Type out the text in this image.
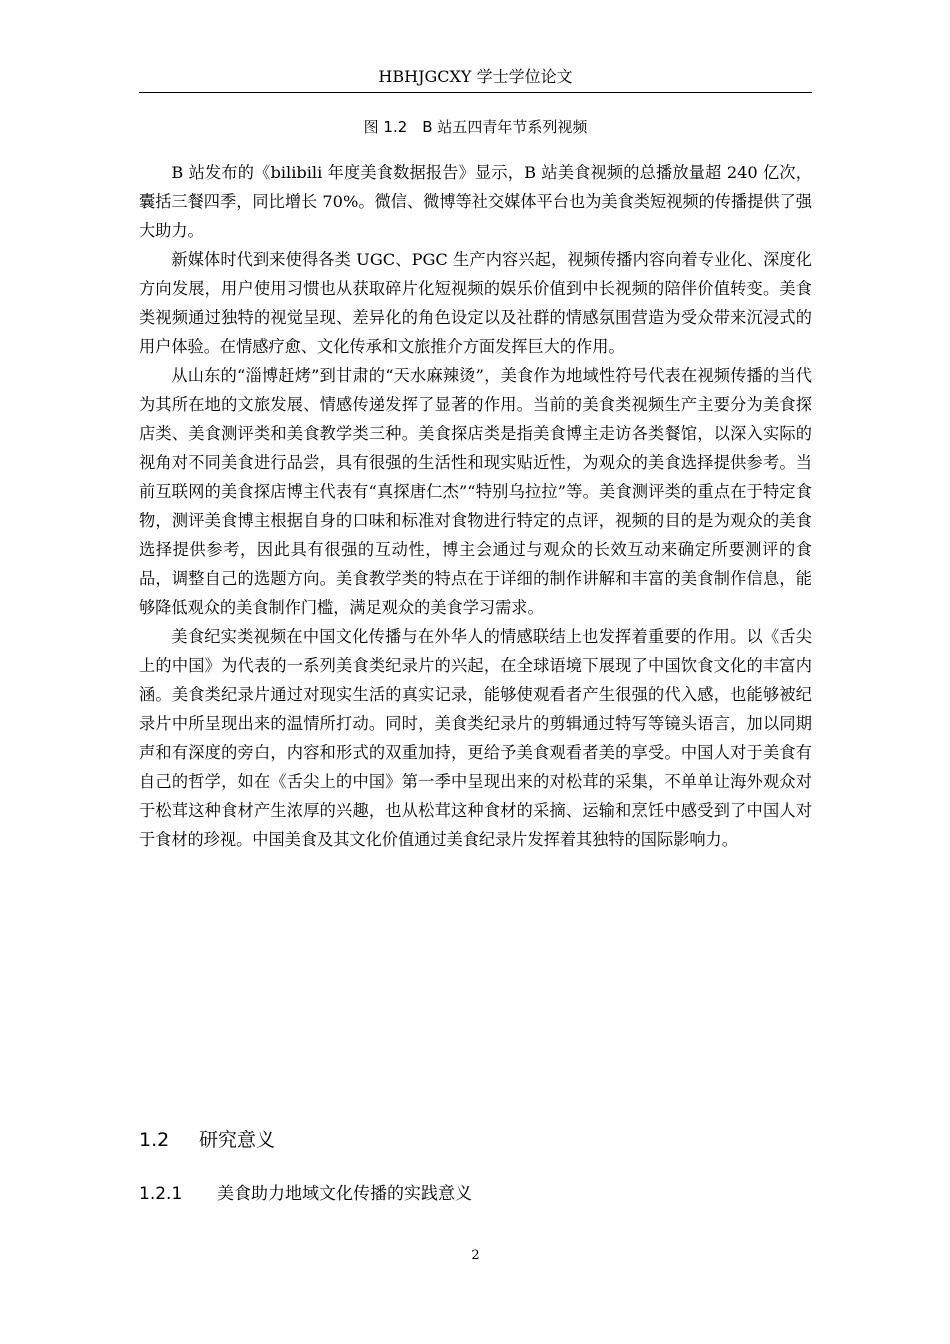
HBHJGCXY 学士学位论文
图 1.2　B 站五四青年节系列视频

B 站发布的《bilibili 年度美食数据报告》显示，B 站美食视频的总播放量超 240 亿次，囊括三餐四季，同比增长 70%。微信、微博等社交媒体平台也为美食类短视频的传播提供了强大助力。

新媒体时代到来使得各类 UGC、PGC 生产内容兴起，视频传播内容向着专业化、深度化方向发展，用户使用习惯也从获取碎片化短视频的娱乐价值到中长视频的陪伴价值转变。美食类视频通过独特的视觉呈现、差异化的角色设定以及社群的情感氛围营造为受众带来沉浸式的用户体验。在情感疗愈、文化传承和文旅推介方面发挥巨大的作用。

从山东的“淄博赶烤”到甘肃的“天水麻辣烫”，美食作为地域性符号代表在视频传播的当代为其所在地的文旅发展、情感传递发挥了显著的作用。当前的美食类视频生产主要分为美食探店类、美食测评类和美食教学类三种。美食探店类是指美食博主走访各类餐馆，以深入实际的视角对不同美食进行品尝，具有很强的生活性和现实贴近性，为观众的美食选择提供参考。当前互联网的美食探店博主代表有“真探唐仁杰”“特别乌拉拉”等。美食测评类的重点在于特定食物，测评美食博主根据自身的口味和标准对食物进行特定的点评，视频的目的是为观众的美食选择提供参考，因此具有很强的互动性，博主会通过与观众的长效互动来确定所要测评的食品，调整自己的选题方向。美食教学类的特点在于详细的制作讲解和丰富的美食制作信息，能够降低观众的美食制作门槛，满足观众的美食学习需求。

美食纪实类视频在中国文化传播与在外华人的情感联结上也发挥着重要的作用。以《舌尖上的中国》为代表的一系列美食类纪录片的兴起，在全球语境下展现了中国饮食文化的丰富内涵。美食类纪录片通过对现实生活的真实记录，能够使观看者产生很强的代入感，也能够被纪录片中所呈现出来的温情所打动。同时，美食类纪录片的剪辑通过特写等镜头语言，加以同期声和有深度的旁白，内容和形式的双重加持，更给予美食观看者美的享受。中国人对于美食有自己的哲学，如在《舌尖上的中国》第一季中呈现出来的对松茸的采集，不单单让海外观众对于松茸这种食材产生浓厚的兴趣，也从松茸这种食材的采摘、运输和烹饪中感受到了中国人对于食材的珍视。中国美食及其文化价值通过美食纪录片发挥着其独特的国际影响力。

1.2 研究意义
1.2.1 美食助力地域文化传播的实践意义
2
